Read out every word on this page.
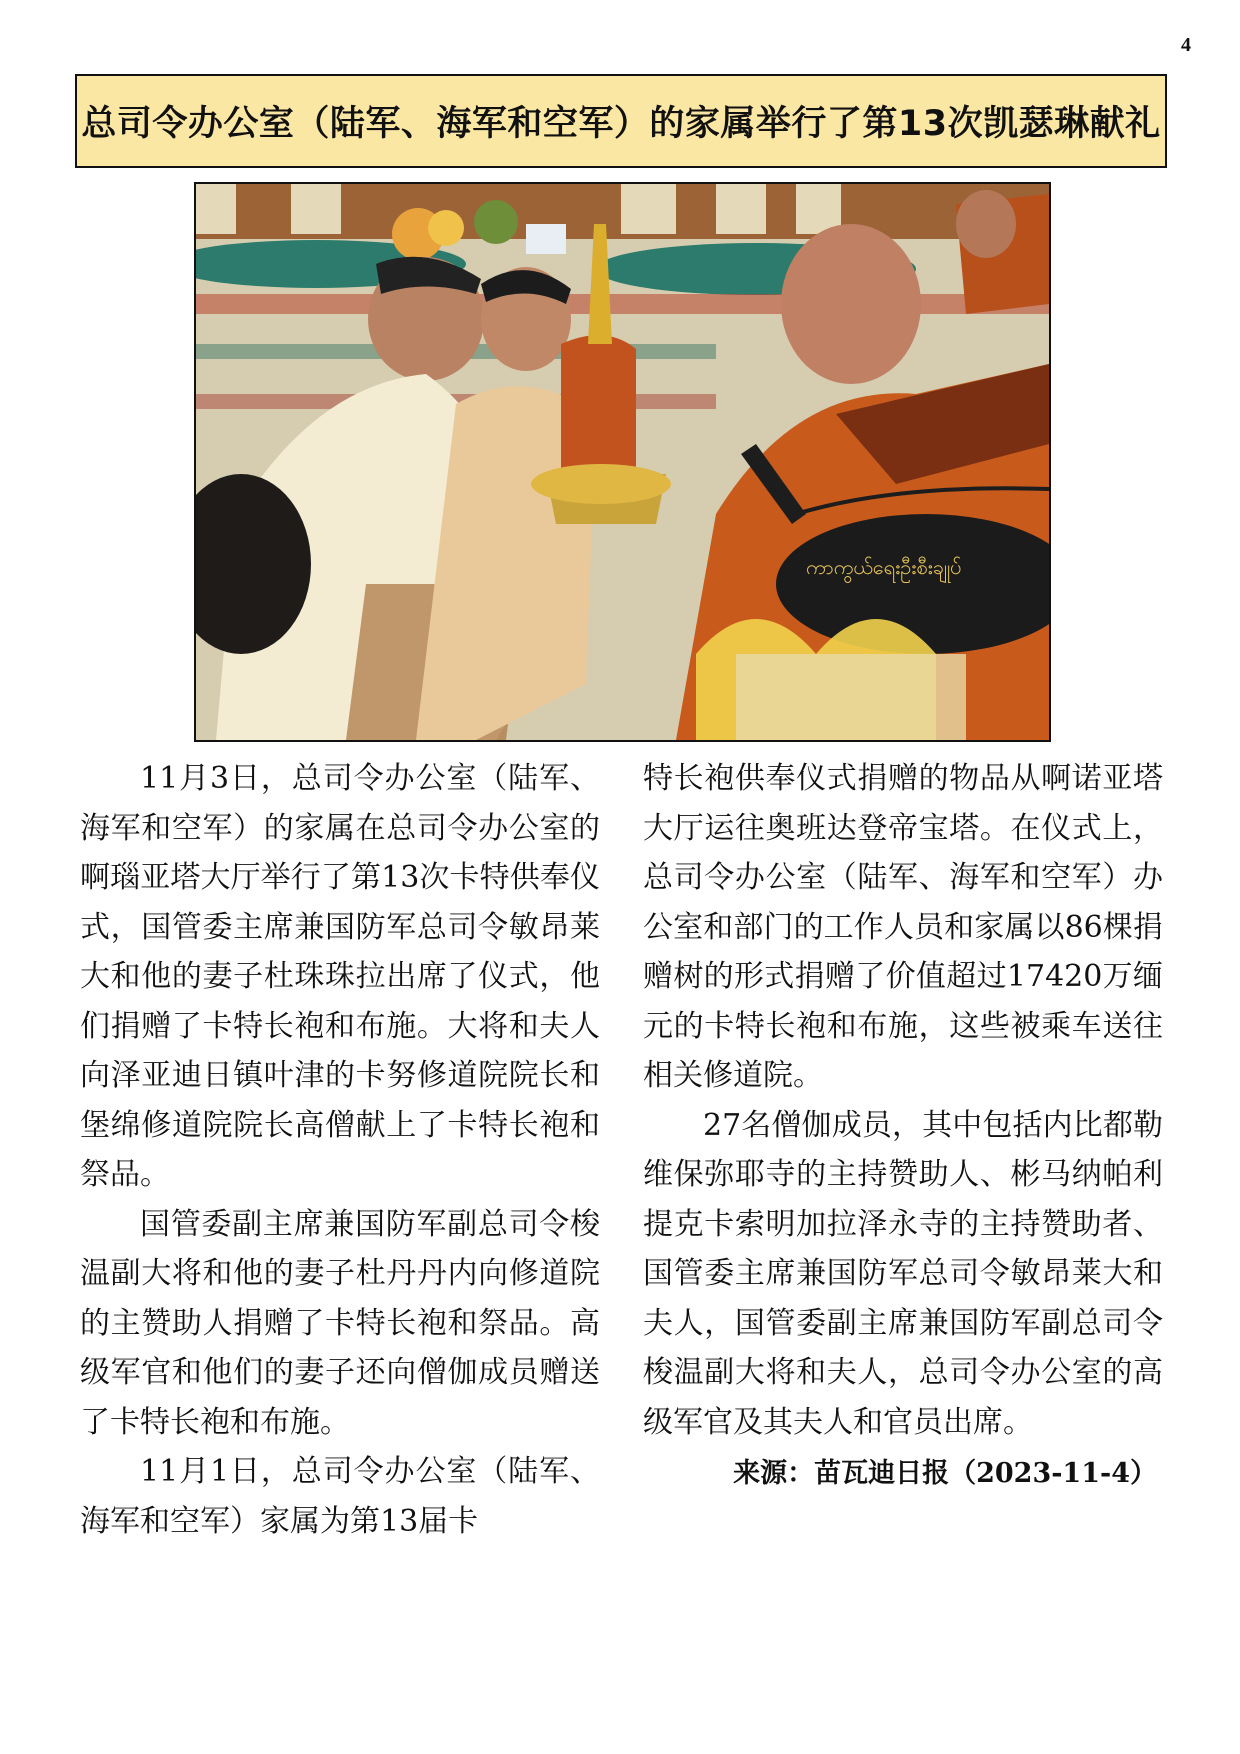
4
总司令办公室（陆军、海军和空军）的家属举行了第13次凯瑟琳献礼
ကာကွယ်ရေးဦးစီးချုပ်

11月3日，总司令办公室（陆军、海军和空军）的家属在总司令办公室的啊瑙亚塔大厅举行了第13次卡特供奉仪式，国管委主席兼国防军总司令敏昂莱大和他的妻子杜珠珠拉出席了仪式，他们捐赠了卡特长袍和布施。大将和夫人向泽亚迪日镇叶津的卡努修道院院长和堡绵修道院院长高僧献上了卡特长袍和祭品。

国管委副主席兼国防军副总司令梭温副大将和他的妻子杜丹丹内向修道院的主赞助人捐赠了卡特长袍和祭品。高级军官和他们的妻子还向僧伽成员赠送了卡特长袍和布施。

11月1日，总司令办公室（陆军、海军和空军）家属为第13届卡

特长袍供奉仪式捐赠的物品从啊诺亚塔大厅运往奥班达登帝宝塔。在仪式上，总司令办公室（陆军、海军和空军）办公室和部门的工作人员和家属以86棵捐赠树的形式捐赠了价值超过17420万缅元的卡特长袍和布施，这些被乘车送往相关修道院。

27名僧伽成员，其中包括内比都勒维保弥耶寺的主持赞助人、彬马纳帕利提克卡索明加拉泽永寺的主持赞助者、国管委主席兼国防军总司令敏昂莱大和夫人，国管委副主席兼国防军副总司令梭温副大将和夫人，总司令办公室的高级军官及其夫人和官员出席。

来源：苗瓦迪日报（2023-11-4）
